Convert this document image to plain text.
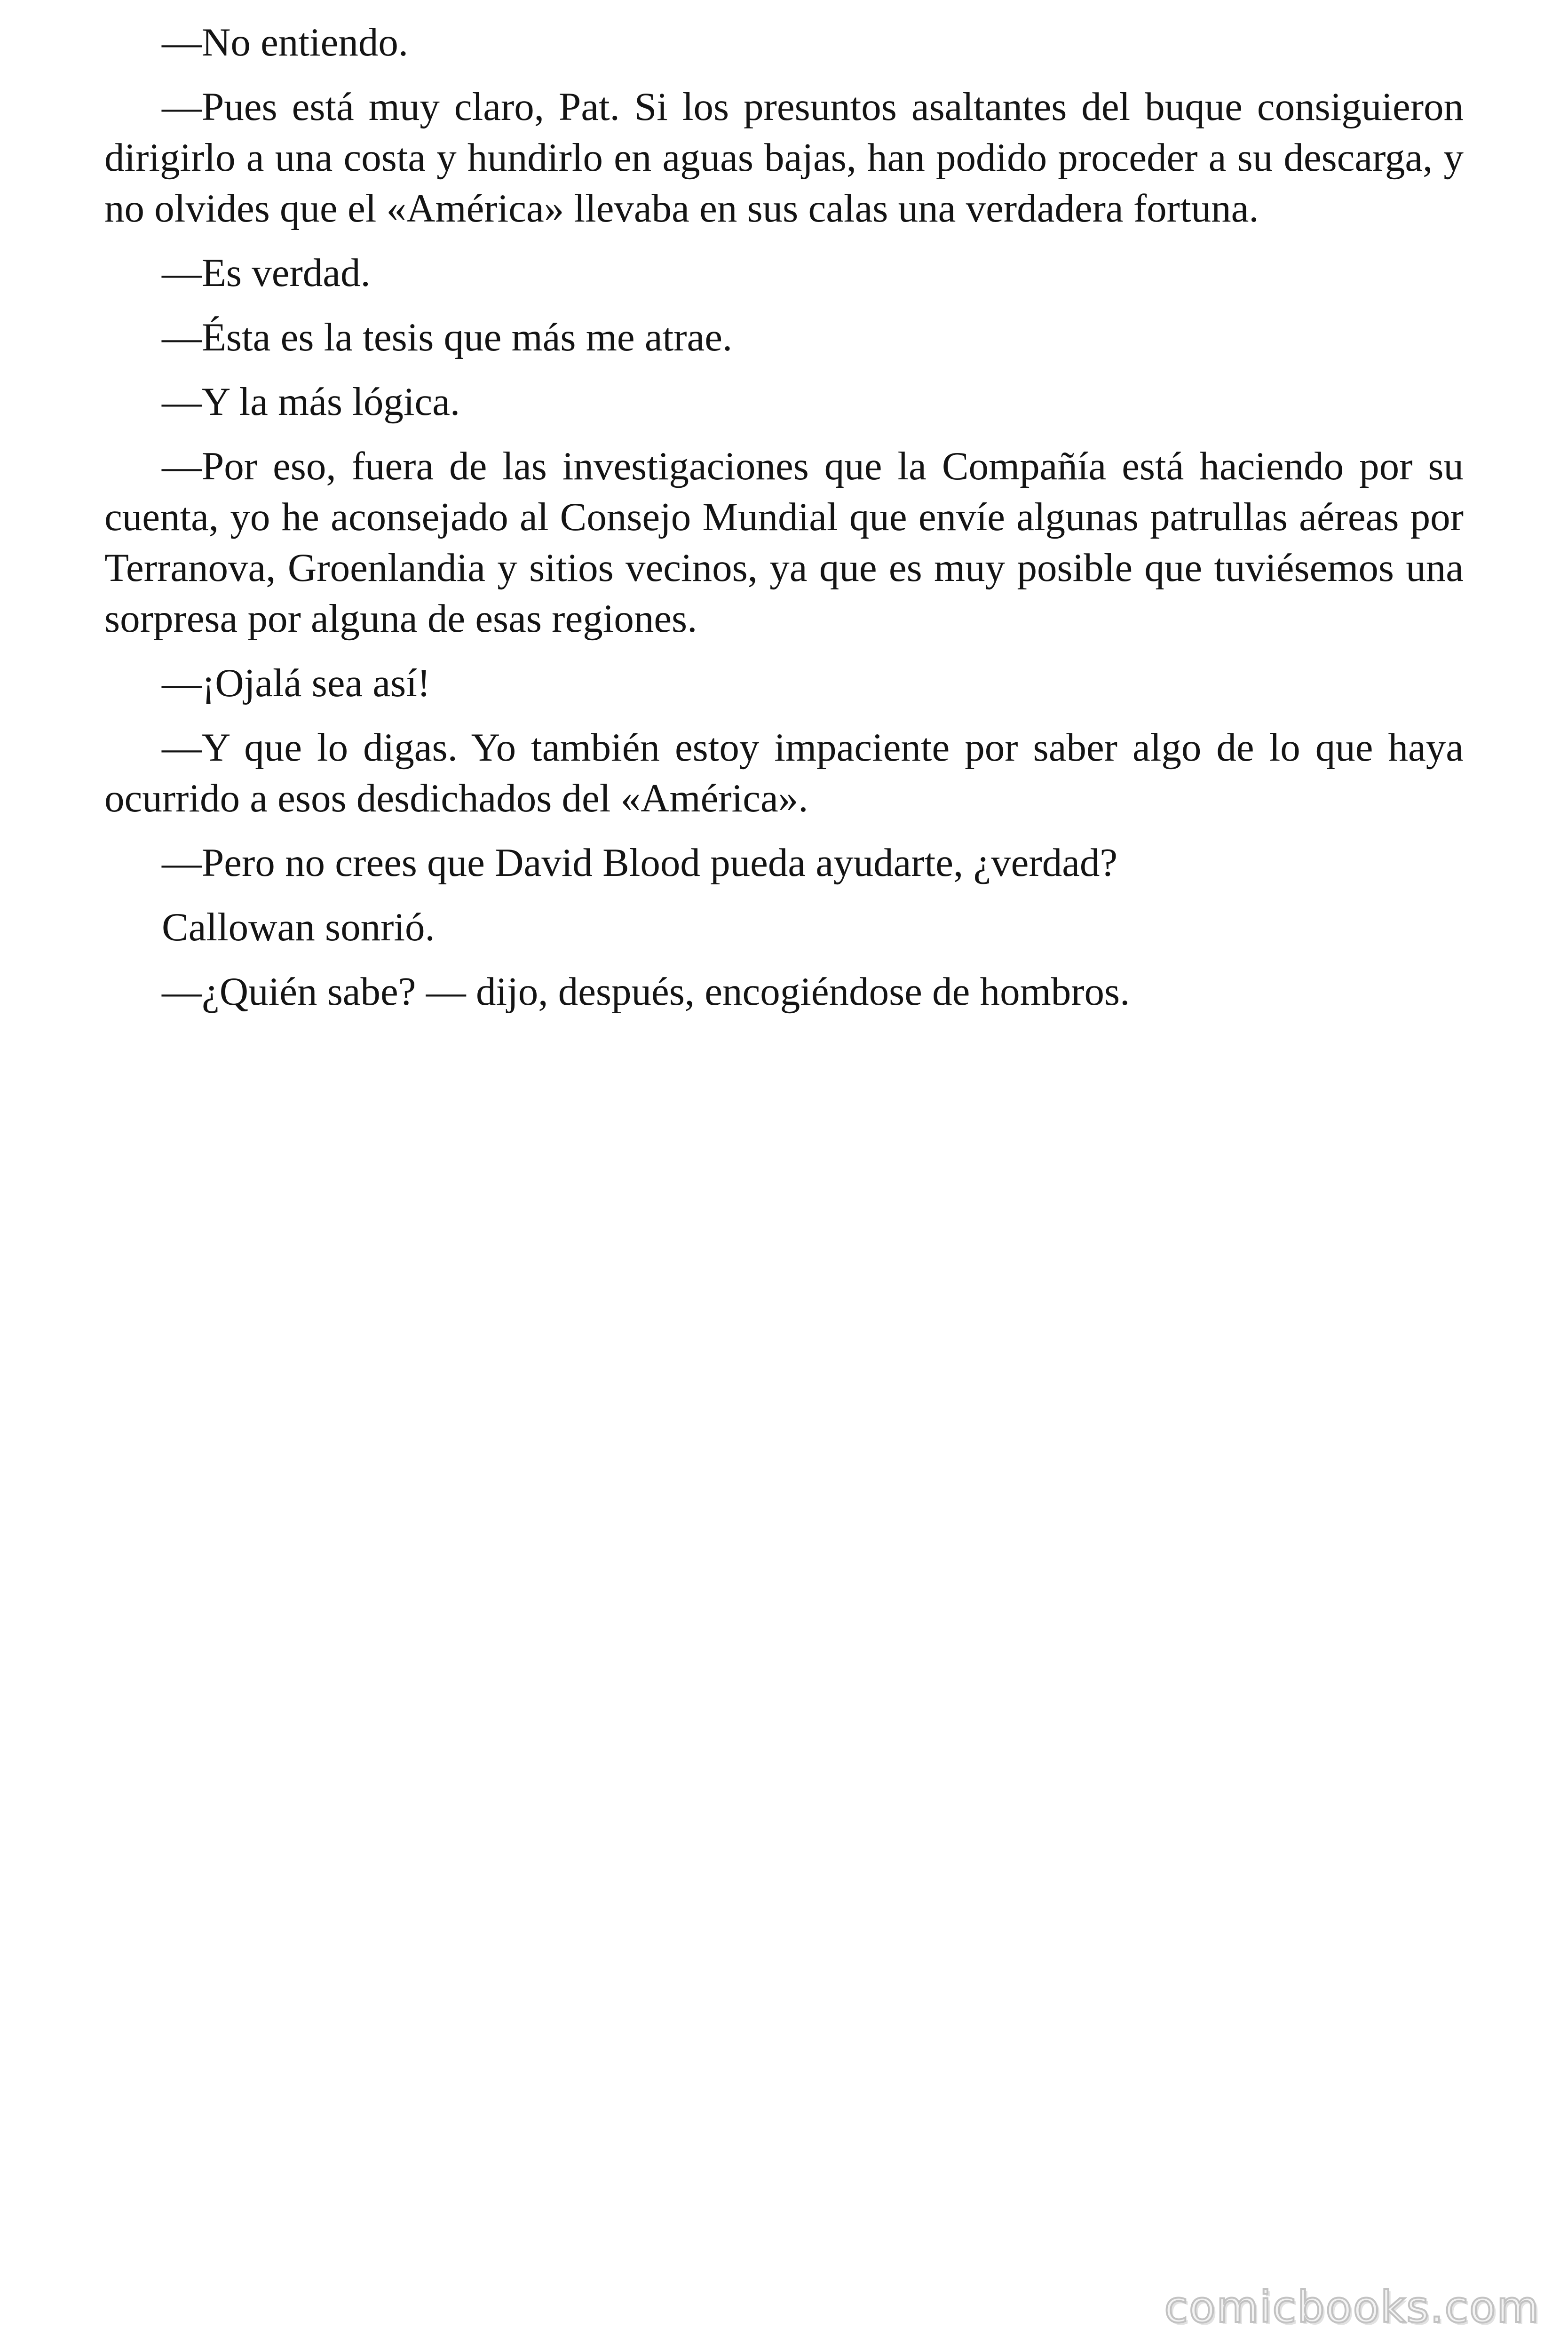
—No entiendo.

—Pues está muy claro, Pat. Si los presuntos asaltantes del buque consiguieron dirigirlo a una costa y hundirlo en aguas bajas, han podido proceder a su descarga, y no olvides que el «América» llevaba en sus calas una verdadera fortuna.

—Es verdad.

—Ésta es la tesis que más me atrae.

—Y la más lógica.

—Por eso, fuera de las investigaciones que la Compañía está haciendo por su cuenta, yo he aconsejado al Consejo Mundial que envíe algunas patrullas aéreas por Terranova, Groenlandia y sitios vecinos, ya que es muy posible que tuviésemos una sorpresa por alguna de esas regiones.

—¡Ojalá sea así!

—Y que lo digas. Yo también estoy impaciente por saber algo de lo que haya ocurrido a esos desdichados del «América».

—Pero no crees que David Blood pueda ayudarte, ¿verdad?

Callowan sonrió.

—¿Quién sabe? — dijo, después, encogiéndose de hombros.

comicbooks.com
